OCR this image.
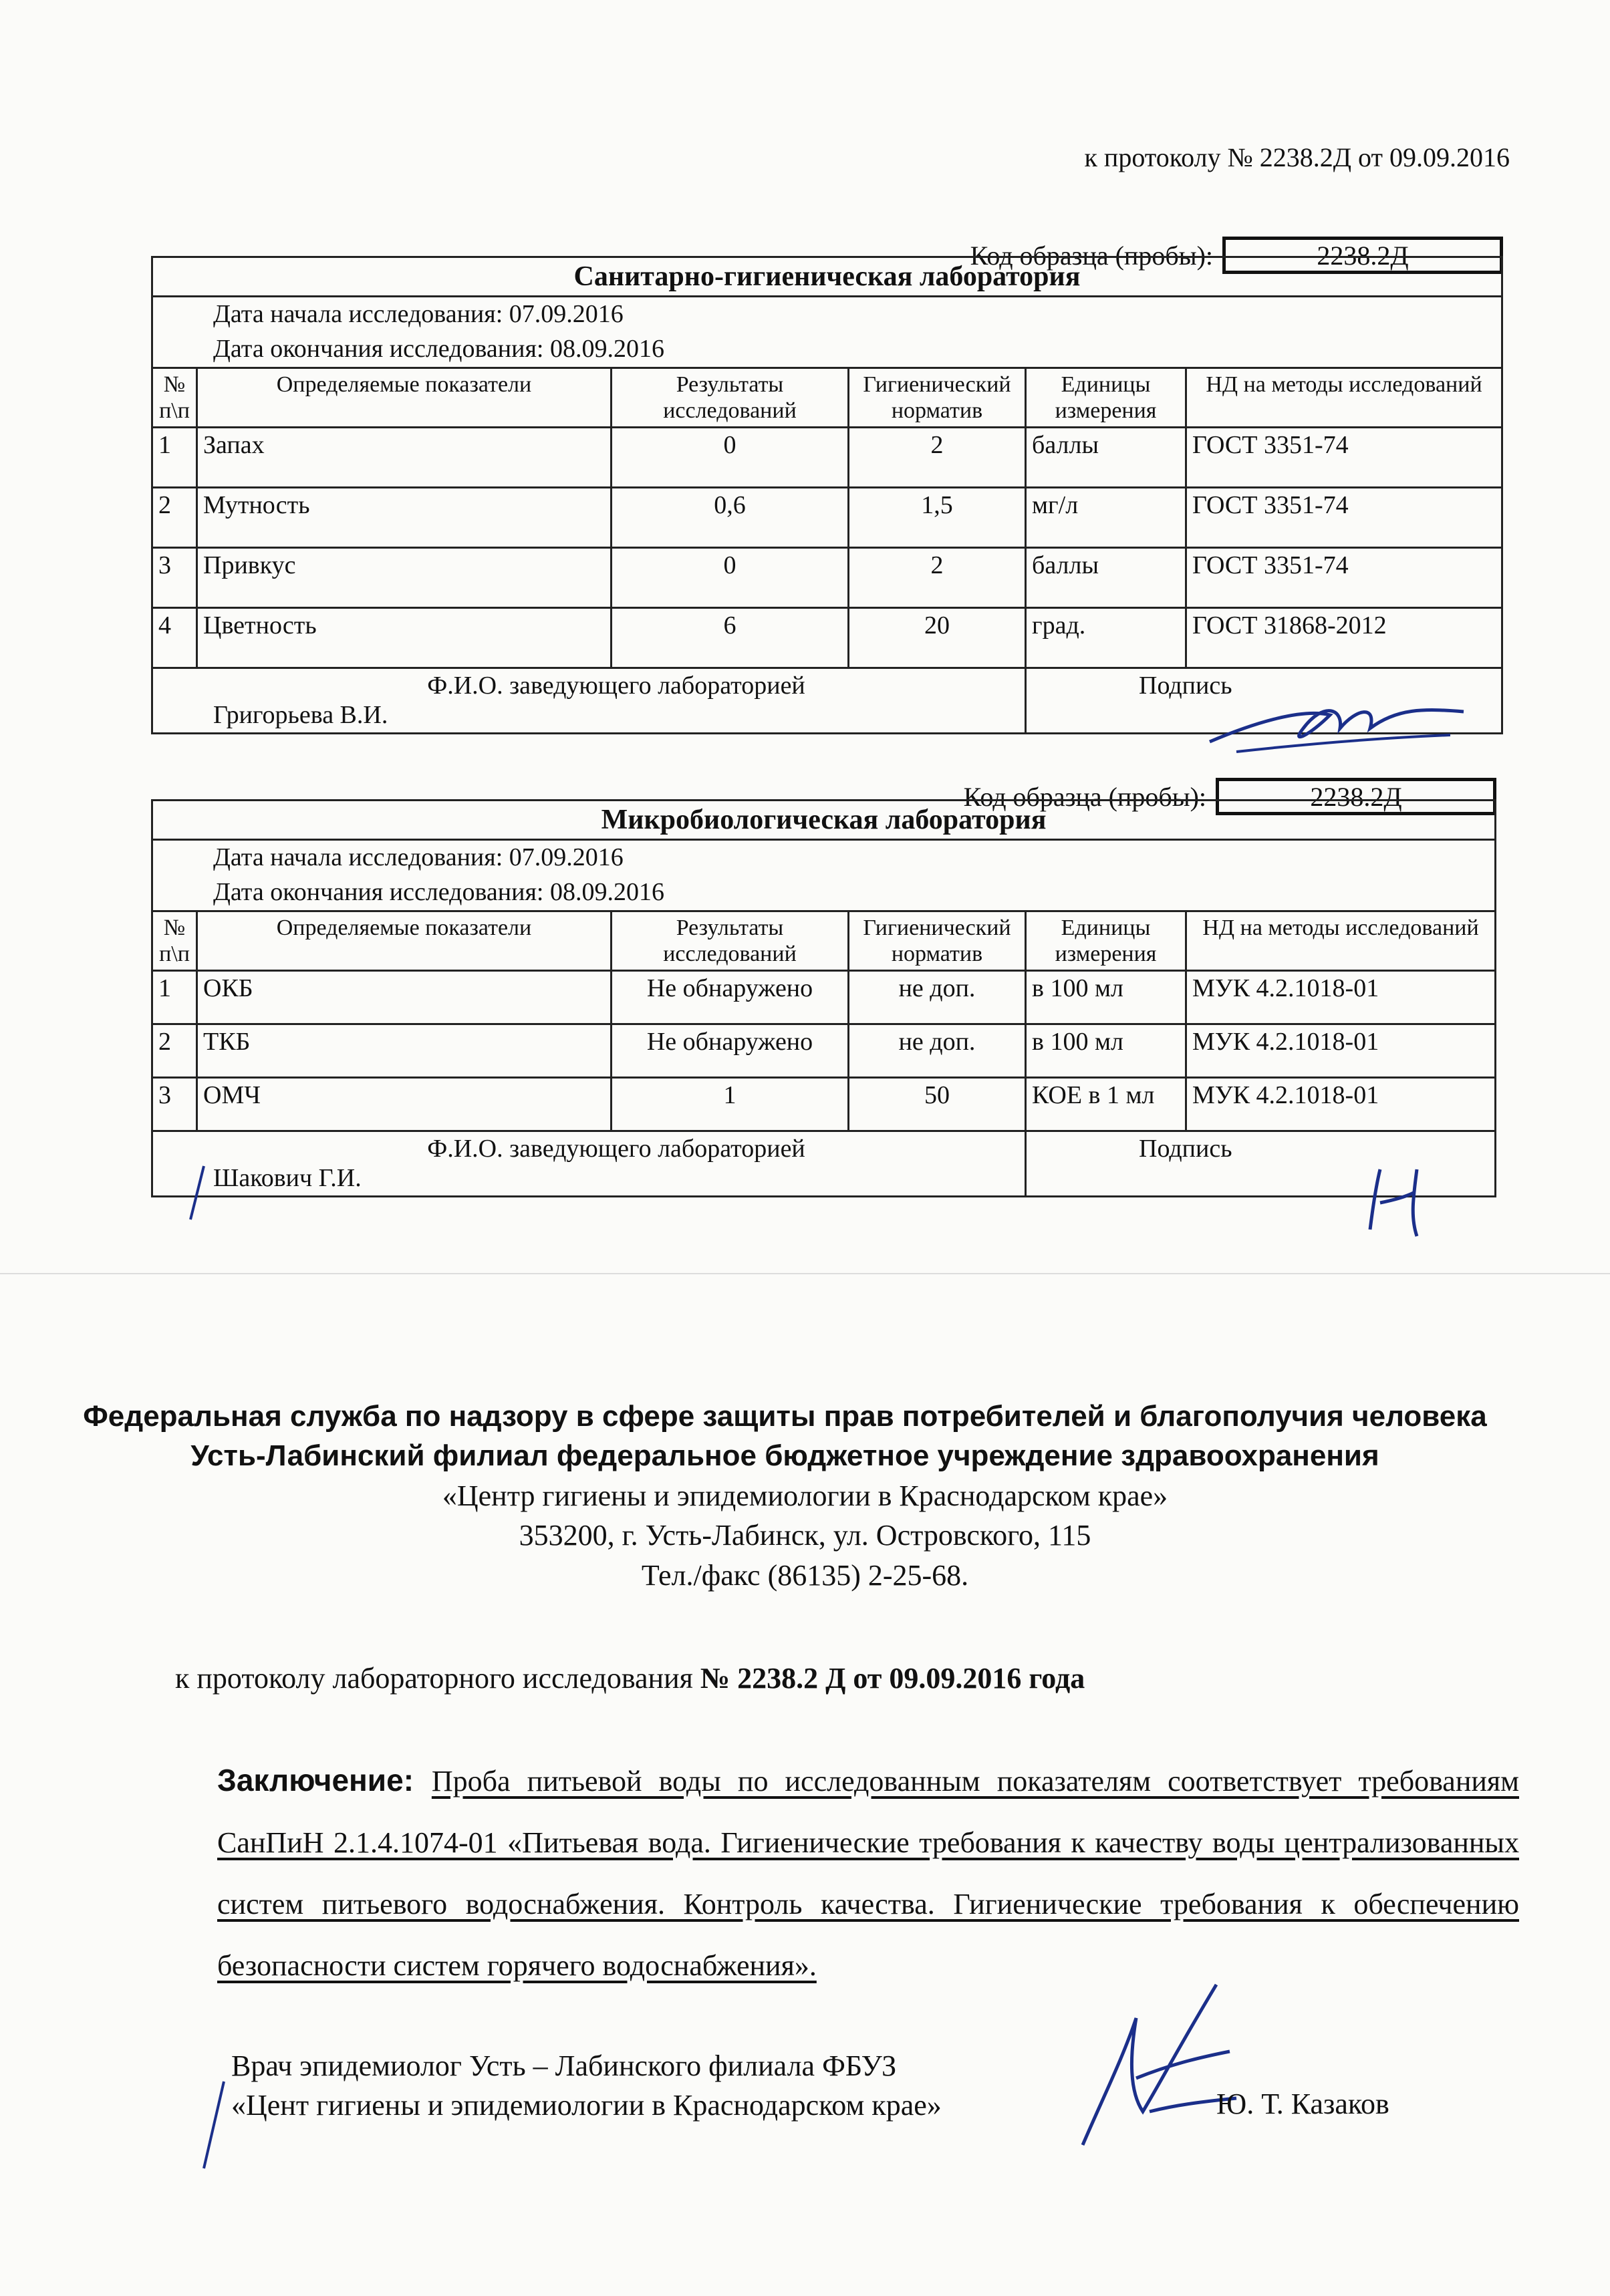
к протоколу № 2238.2Д от 09.09.2016
Код образца (пробы):	2238.2Д
Санитарно-гигиеническая лаборатория					
Дата начала исследования: 07.09.2016					
Дата окончания исследования: 08.09.2016					
№ п\п	Определяемые показатели	Результаты исследований	Гигиенический норматив	Единицы измерения	НД на методы исследований
1	Запах	0	2	баллы	ГОСТ 3351-74
2	Мутность	0,6	1,5	мг/л	ГОСТ 3351-74
3	Привкус	0	2	баллы	ГОСТ 3351-74
4	Цветность	6	20	град.	ГОСТ 31868-2012

Ф.И.О. заведующего лабораторией
Григорьева В.И.				Подпись	
Код образца (пробы):	2238.2Д
Микробиологическая лаборатория					
Дата начала исследования: 07.09.2016					
Дата окончания исследования: 08.09.2016					
№ п\п	Определяемые показатели	Результаты исследований	Гигиенический норматив	Единицы измерения	НД на методы исследований
1	ОКБ	Не обнаружено	не доп.	в 100 мл	МУК 4.2.1018-01
2	ТКБ	Не обнаружено	не доп.	в 100 мл	МУК 4.2.1018-01
3	ОМЧ	1	50	КОЕ в 1 мл	МУК 4.2.1018-01

Ф.И.О. заведующего лабораторией
Шакович Г.И.				Подпись	
Федеральная служба по надзору в сфере защиты прав потребителей и благополучия человека
Усть-Лабинский филиал федеральное бюджетное учреждение здравоохранения
«Центр гигиены и эпидемиологии в Краснодарском крае»
353200, г. Усть-Лабинск, ул. Островского, 115
Тел./факс (86135) 2-25-68.
к протоколу лабораторного исследования № 2238.2 Д от 09.09.2016 года
Заключение: Проба питьевой воды по исследованным показателям соответствует требованиям СанПиН 2.1.4.1074-01 «Питьевая вода. Гигиенические требования к качеству воды централизованных систем питьевого водоснабжения. Контроль качества. Гигиенические требования к обеспечению безопасности систем горячего водоснабжения».
Врач эпидемиолог Усть – Лабинского филиала ФБУЗ
«Цент гигиены и эпидемиологии в Краснодарском крае»	Ю. Т. Казаков
